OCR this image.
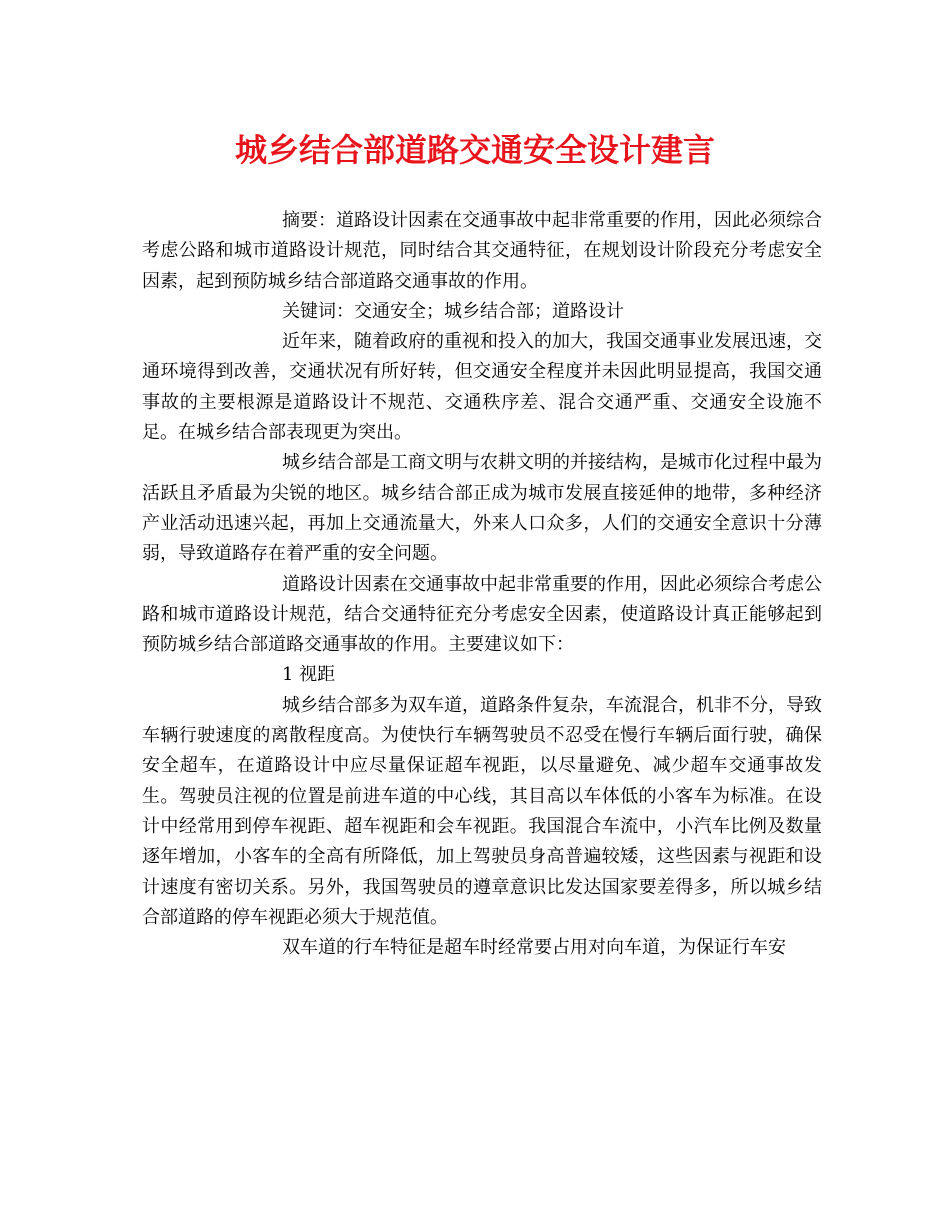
城乡结合部道路交通安全设计建言

摘要：道路设计因素在交通事故中起非常重要的作用，因此必须综合考虑公路和城市道路设计规范，同时结合其交通特征，在规划设计阶段充分考虑安全因素，起到预防城乡结合部道路交通事故的作用。

关键词：交通安全；城乡结合部；道路设计

近年来，随着政府的重视和投入的加大，我国交通事业发展迅速，交通环境得到改善，交通状况有所好转，但交通安全程度并未因此明显提高，我国交通事故的主要根源是道路设计不规范、交通秩序差、混合交通严重、交通安全设施不足。在城乡结合部表现更为突出。

城乡结合部是工商文明与农耕文明的并接结构，是城市化过程中最为活跃且矛盾最为尖锐的地区。城乡结合部正成为城市发展直接延伸的地带，多种经济产业活动迅速兴起，再加上交通流量大，外来人口众多，人们的交通安全意识十分薄弱，导致道路存在着严重的安全问题。

道路设计因素在交通事故中起非常重要的作用，因此必须综合考虑公路和城市道路设计规范，结合交通特征充分考虑安全因素，使道路设计真正能够起到预防城乡结合部道路交通事故的作用。主要建议如下：

1 视距

城乡结合部多为双车道，道路条件复杂，车流混合，机非不分，导致车辆行驶速度的离散程度高。为使快行车辆驾驶员不忍受在慢行车辆后面行驶，确保安全超车，在道路设计中应尽量保证超车视距，以尽量避免、减少超车交通事故发生。驾驶员注视的位置是前进车道的中心线，其目高以车体低的小客车为标准。在设计中经常用到停车视距、超车视距和会车视距。我国混合车流中，小汽车比例及数量逐年增加，小客车的全高有所降低，加上驾驶员身高普遍较矮，这些因素与视距和设计速度有密切关系。另外，我国驾驶员的遵章意识比发达国家要差得多，所以城乡结合部道路的停车视距必须大于规范值。

双车道的行车特征是超车时经常要占用对向车道，为保证行车安
